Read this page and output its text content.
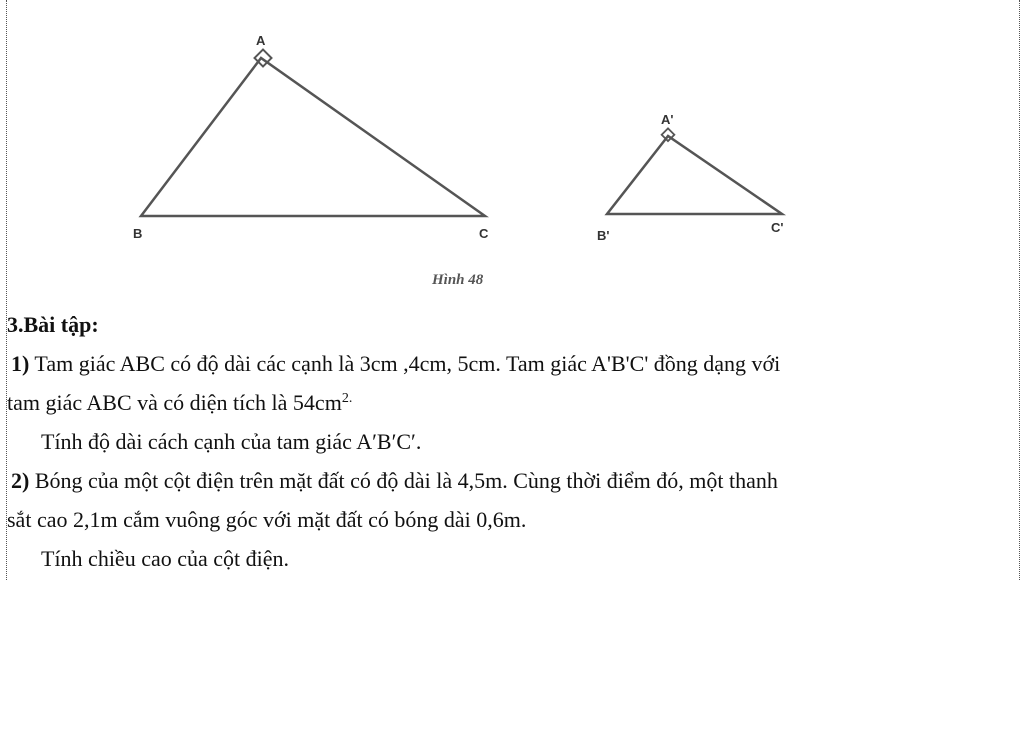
A
B	C
A'
B'
C'
Hình 48
3.Bài tập:
1) Tam giác ABC có độ dài các cạnh là 3cm ,4cm, 5cm. Tam giác A'B'C' đồng dạng với
tam giác ABC và có diện tích là $54cm^{2.}$
Tính độ dài cách cạnh của tam giác A′B′C′.
2) Bóng của một cột điện trên mặt đất có độ dài là 4,5m. Cùng thời điểm đó, một thanh
sắt cao 2,1m cắm vuông góc với mặt đất có bóng dài 0,6m.
Tính chiều cao của cột điện.
